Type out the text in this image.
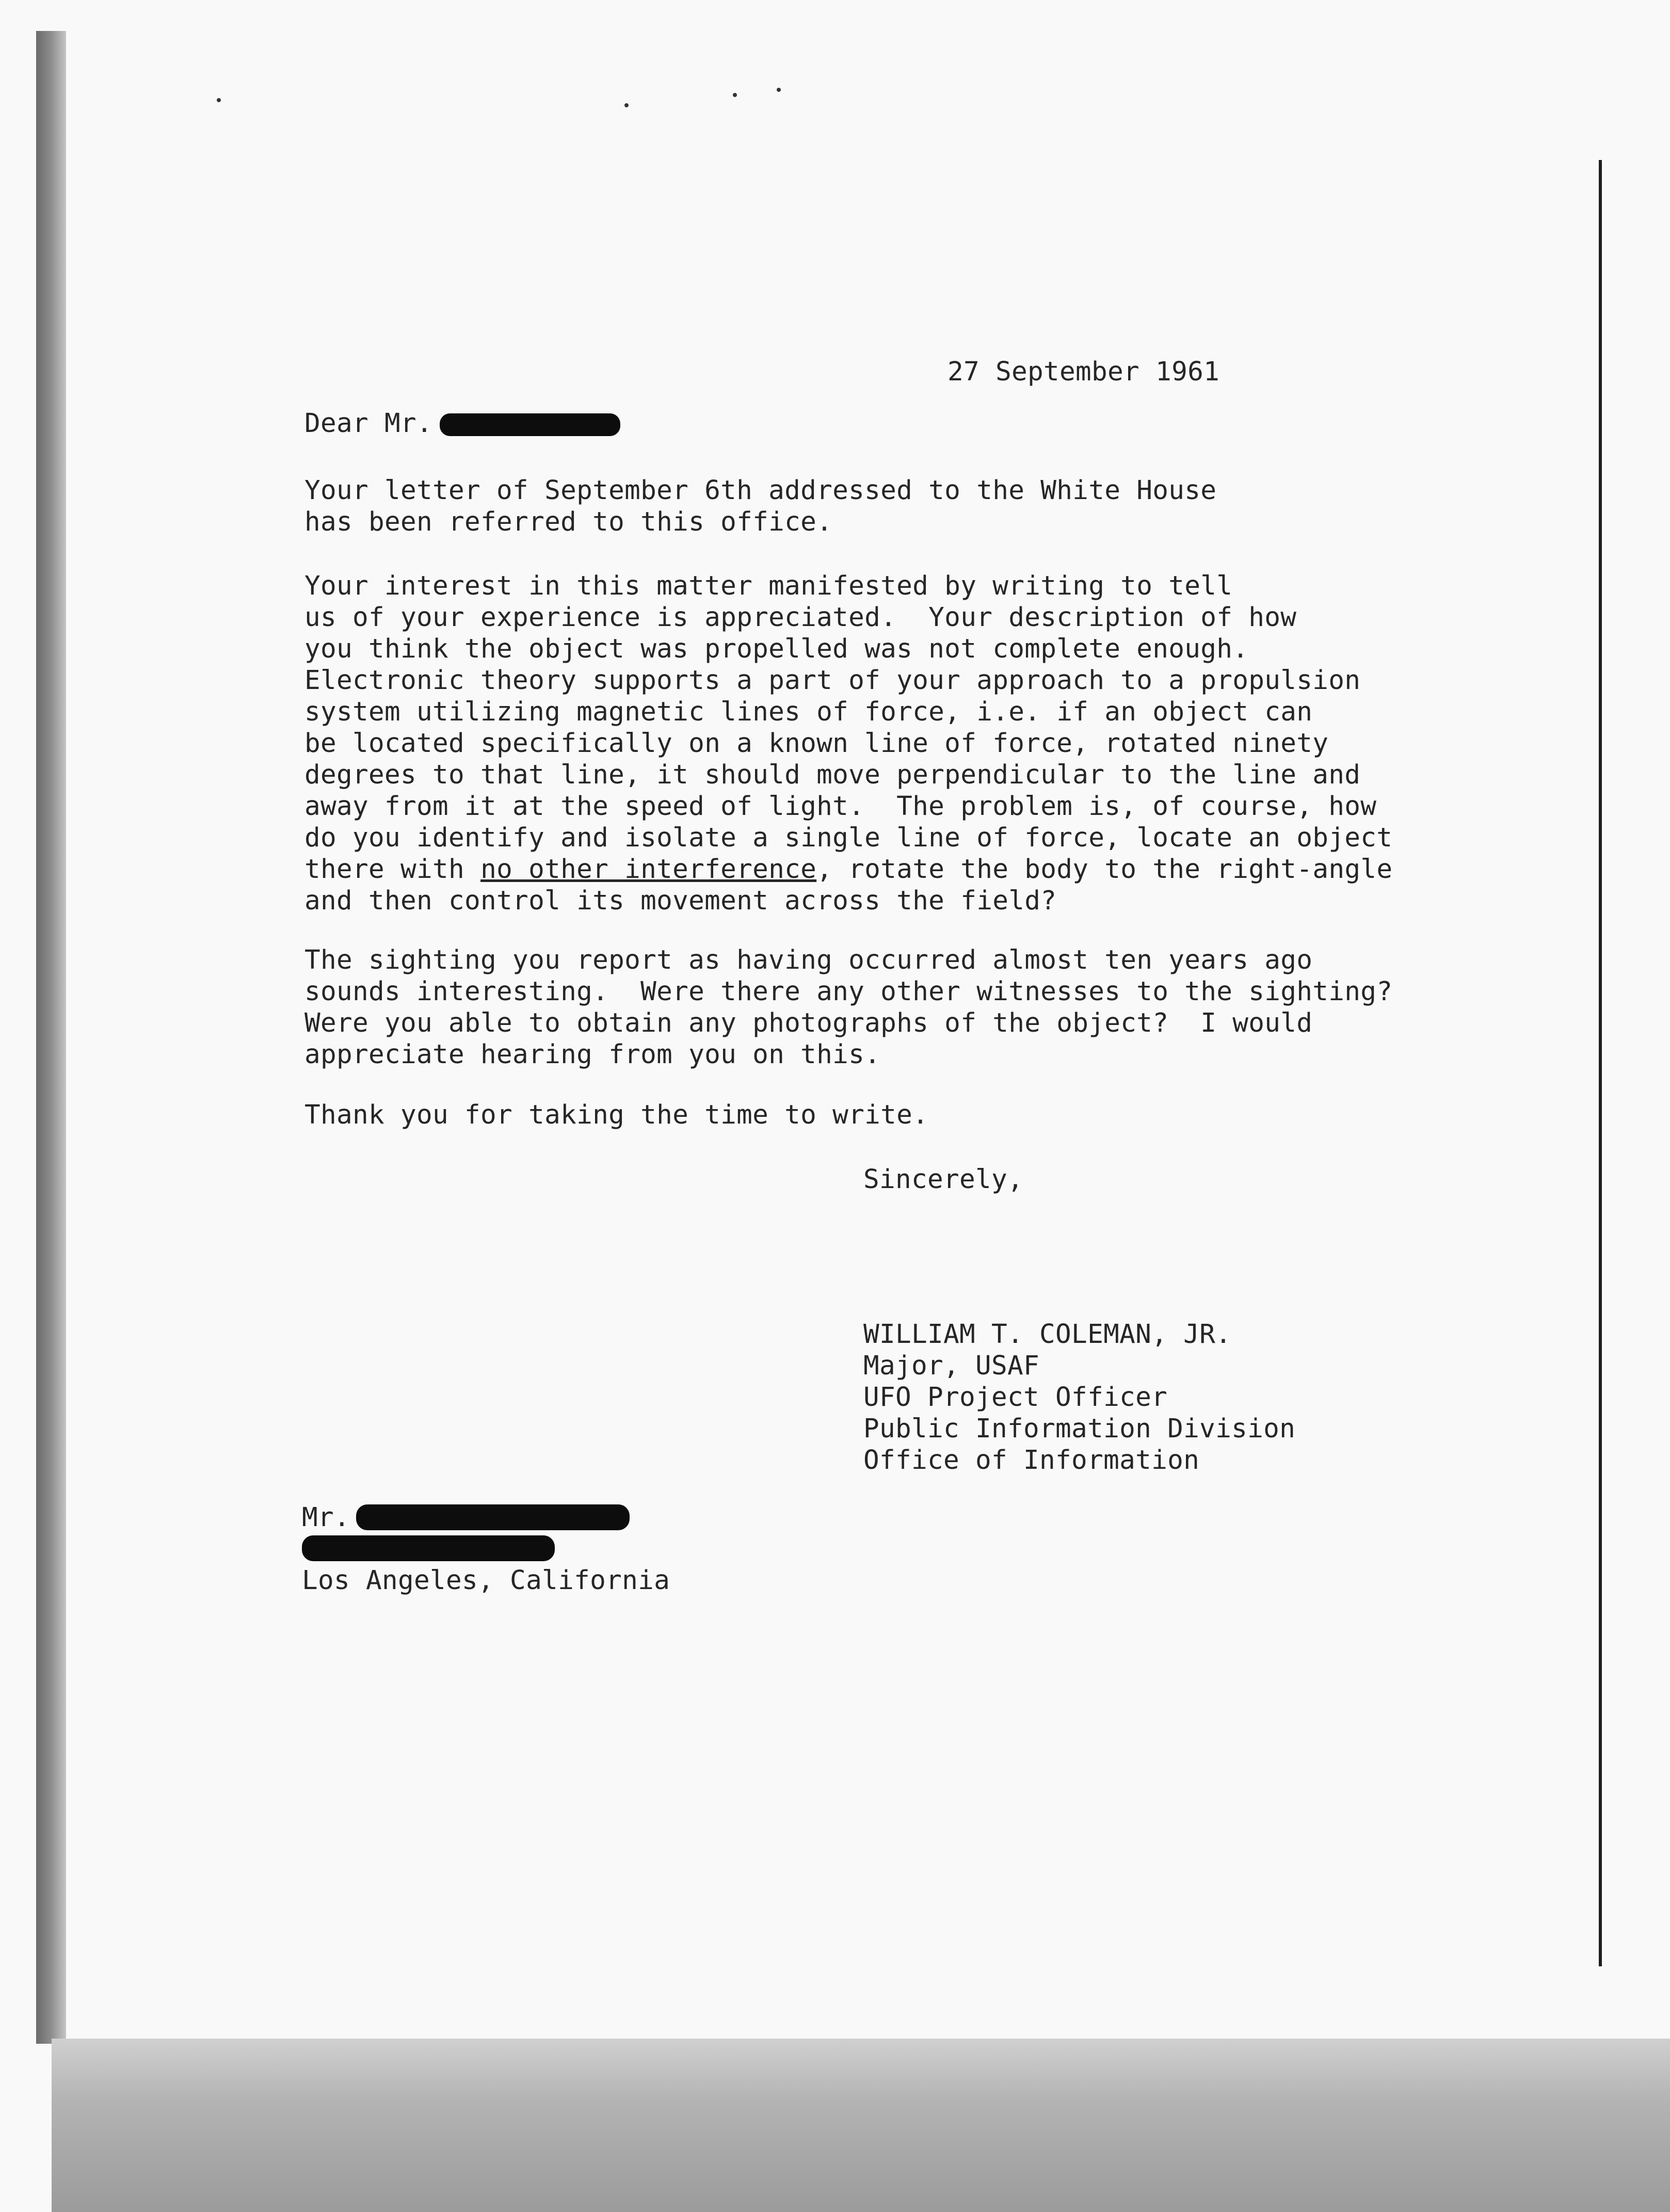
27 September 1961
Dear Mr.
Your letter of September 6th addressed to the White House
has been referred to this office.
Your interest in this matter manifested by writing to tell
us of your experience is appreciated.  Your description of how
you think the object was propelled was not complete enough.
Electronic theory supports a part of your approach to a propulsion
system utilizing magnetic lines of force, i.e. if an object can
be located specifically on a known line of force, rotated ninety
degrees to that line, it should move perpendicular to the line and
away from it at the speed of light.  The problem is, of course, how
do you identify and isolate a single line of force, locate an object
there with no other interference, rotate the body to the right-angle
and then control its movement across the field?
The sighting you report as having occurred almost ten years ago
sounds interesting.  Were there any other witnesses to the sighting?
Were you able to obtain any photographs of the object?  I would
appreciate hearing from you on this.
Thank you for taking the time to write.
Sincerely,
WILLIAM T. COLEMAN, JR.
Major, USAF
UFO Project Officer
Public Information Division
Office of Information
Mr.

Los Angeles, California
